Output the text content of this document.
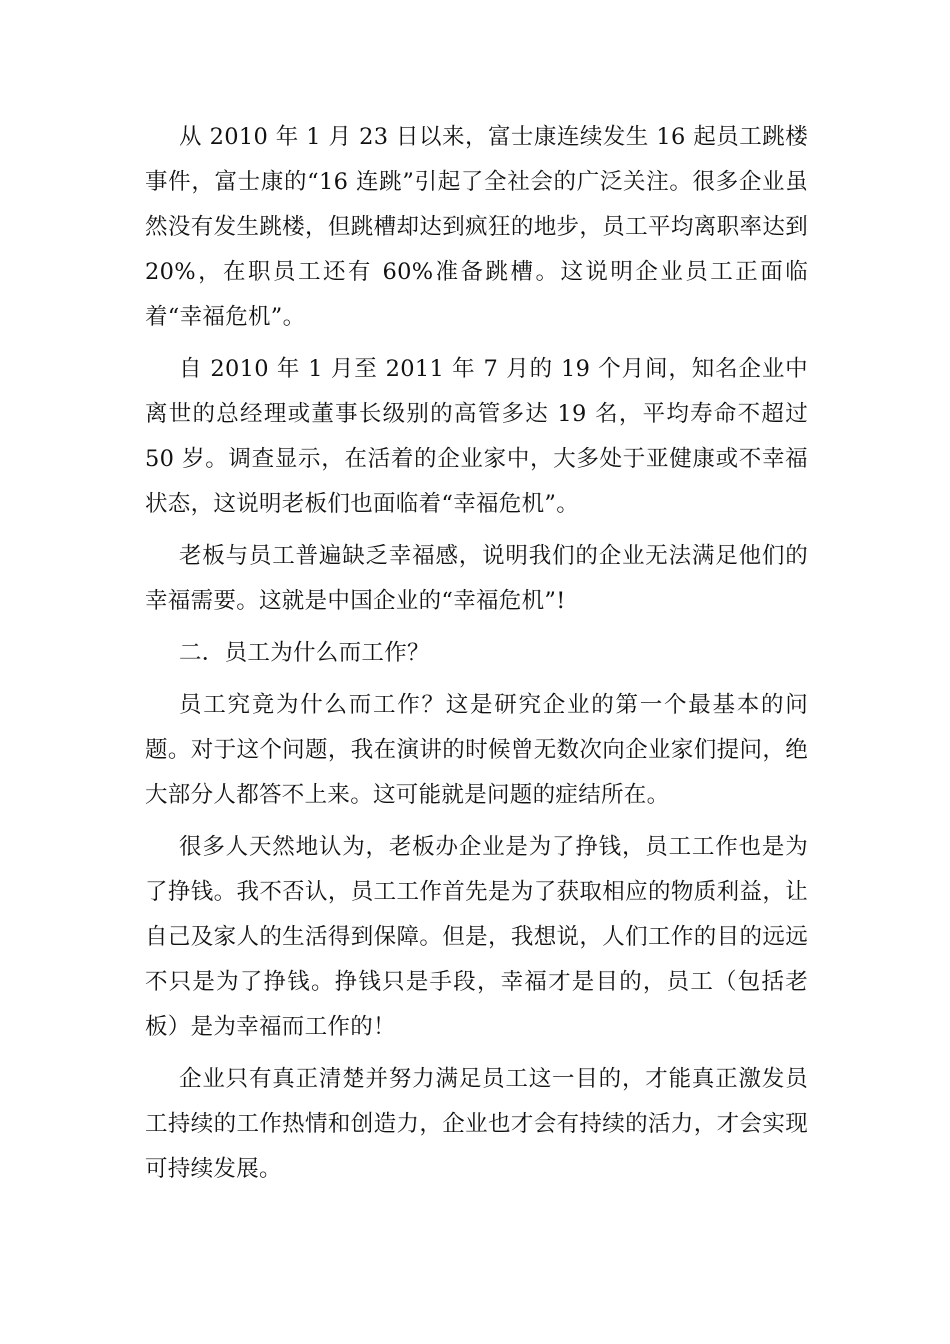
从 2010 年 1 月 23 日以来，富士康连续发生 16 起员工跳楼事件，富士康的“16 连跳”引起了全社会的广泛关注。很多企业虽然没有发生跳楼，但跳槽却达到疯狂的地步，员工平均离职率达到 20%，在职员工还有 60%准备跳槽。这说明企业员工正面临着“幸福危机”。

自 2010 年 1 月至 2011 年 7 月的 19 个月间，知名企业中离世的总经理或董事长级别的高管多达 19 名，平均寿命不超过 50 岁。调查显示，在活着的企业家中，大多处于亚健康或不幸福状态，这说明老板们也面临着“幸福危机”。

老板与员工普遍缺乏幸福感，说明我们的企业无法满足他们的幸福需要。这就是中国企业的“幸福危机”!

二．员工为什么而工作？

员工究竟为什么而工作？这是研究企业的第一个最基本的问题。对于这个问题，我在演讲的时候曾无数次向企业家们提问，绝大部分人都答不上来。这可能就是问题的症结所在。

很多人天然地认为，老板办企业是为了挣钱，员工工作也是为了挣钱。我不否认，员工工作首先是为了获取相应的物质利益，让自己及家人的生活得到保障。但是，我想说，人们工作的目的远远不只是为了挣钱。挣钱只是手段，幸福才是目的，员工（包括老板）是为幸福而工作的！

企业只有真正清楚并努力满足员工这一目的，才能真正激发员工持续的工作热情和创造力，企业也才会有持续的活力，才会实现可持续发展。
